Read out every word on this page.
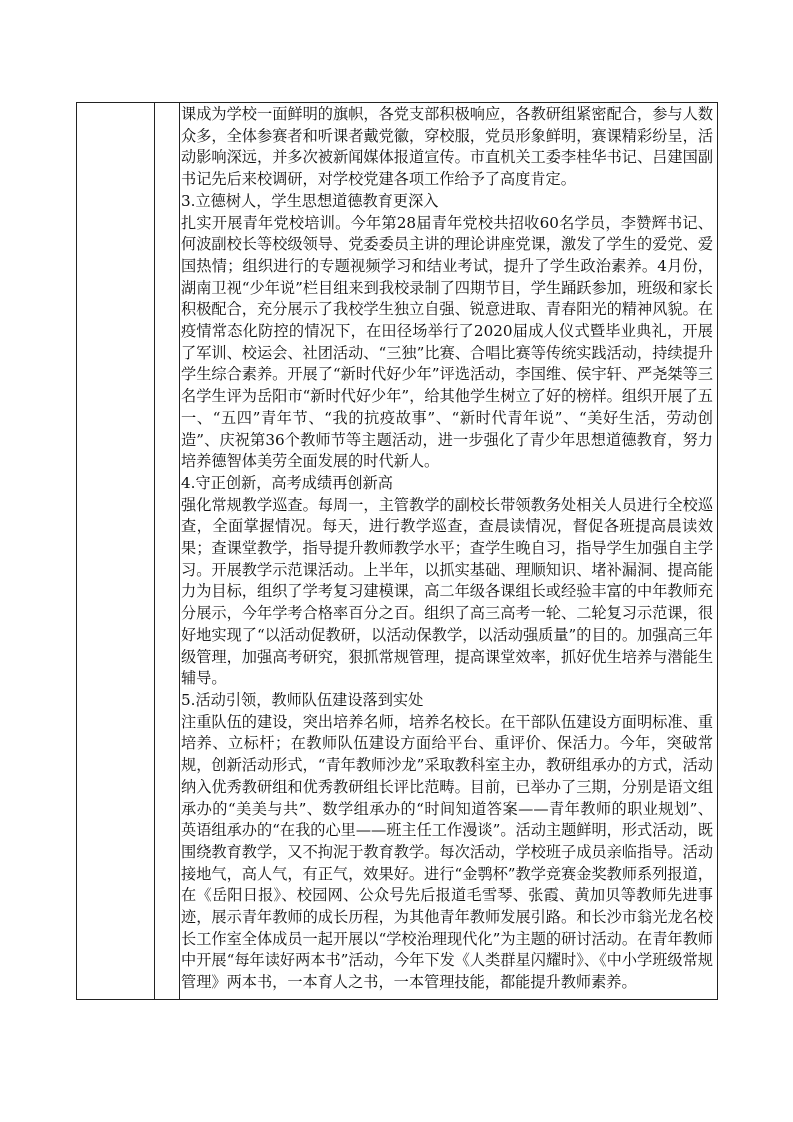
课成为学校一面鲜明的旗帜，各党支部积极响应，各教研组紧密配合，参与人数众多，全体参赛者和听课者戴党徽，穿校服，党员形象鲜明，赛课精彩纷呈，活动影响深远，并多次被新闻媒体报道宣传。市直机关工委李桂华书记、吕建国副书记先后来校调研，对学校党建各项工作给予了高度肯定。

3.立德树人，学生思想道德教育更深入

扎实开展青年党校培训。今年第28届青年党校共招收60名学员，李赞辉书记、何波副校长等校级领导、党委委员主讲的理论讲座党课，激发了学生的爱党、爱国热情；组织进行的专题视频学习和结业考试，提升了学生政治素养。4月份，湖南卫视“少年说”栏目组来到我校录制了四期节目，学生踊跃参加，班级和家长积极配合，充分展示了我校学生独立自强、锐意进取、青春阳光的精神风貌。在疫情常态化防控的情况下，在田径场举行了2020届成人仪式暨毕业典礼，开展了军训、校运会、社团活动、“三独”比赛、合唱比赛等传统实践活动，持续提升学生综合素养。开展了“新时代好少年”评选活动，李国维、侯宇轩、严尧桀等三名学生评为岳阳市“新时代好少年”，给其他学生树立了好的榜样。组织开展了五一、“五四”青年节、“我的抗疫故事”、“新时代青年说”、“美好生活，劳动创造”、庆祝第36个教师节等主题活动，进一步强化了青少年思想道德教育，努力培养德智体美劳全面发展的时代新人。

4.守正创新，高考成绩再创新高

强化常规教学巡查。每周一，主管教学的副校长带领教务处相关人员进行全校巡查，全面掌握情况。每天，进行教学巡查，查晨读情况，督促各班提高晨读效果；查课堂教学，指导提升教师教学水平；查学生晚自习，指导学生加强自主学习。开展教学示范课活动。上半年，以抓实基础、理顺知识、堵补漏洞、提高能力为目标，组织了学考复习建模课，高二年级各课组长或经验丰富的中年教师充分展示，今年学考合格率百分之百。组织了高三高考一轮、二轮复习示范课，很好地实现了“以活动促教研，以活动保教学，以活动强质量”的目的。加强高三年级管理，加强高考研究，狠抓常规管理，提高课堂效率，抓好优生培养与潜能生辅导。

5.活动引领，教师队伍建设落到实处

注重队伍的建设，突出培养名师，培养名校长。在干部队伍建设方面明标准、重培养、立标杆；在教师队伍建设方面给平台、重评价、保活力。今年，突破常规，创新活动形式，“青年教师沙龙”采取教科室主办，教研组承办的方式，活动纳入优秀教研组和优秀教研组长评比范畴。目前，已举办了三期，分别是语文组承办的“美美与共”、数学组承办的“时间知道答案——青年教师的职业规划”、英语组承办的“在我的心里——班主任工作漫谈”。活动主题鲜明，形式活动，既围绕教育教学，又不拘泥于教育教学。每次活动，学校班子成员亲临指导。活动接地气，高人气，有正气，效果好。进行“金鹗杯”教学竞赛金奖教师系列报道，在《岳阳日报》、校园网、公众号先后报道毛雪琴、张霞、黄加贝等教师先进事迹，展示青年教师的成长历程，为其他青年教师发展引路。和长沙市翁光龙名校长工作室全体成员一起开展以“学校治理现代化”为主题的研讨活动。在青年教师中开展“每年读好两本书”活动，今年下发《人类群星闪耀时》、《中小学班级常规管理》两本书，一本育人之书，一本管理技能，都能提升教师素养。
